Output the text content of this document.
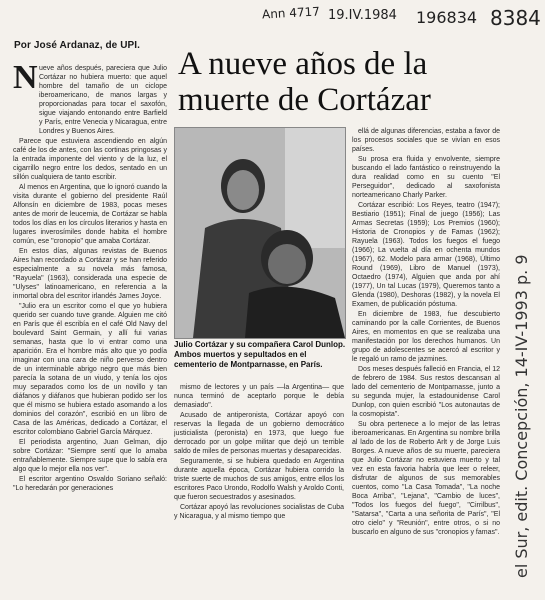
Ann 4717 19.IV.1984 196834 8384
Por José Ardanaz, de UPI.
A nueve años de la
muerte de Cortázar
N ueve años después, pareciera que Julio Cortázar no hubiera muerto: que aquel hombre del tamaño de un ciclope iberoamericano, de manos largas y proporcionadas para tocar el saxofón, sigue viajando entonando entre Barfield y París, entre Venecia y Nicaragua, entre Londres y Buenos Aires.

Parece que estuviera ascendiendo en algún café de los de antes, con las cortinas pringosas y la entrada imponente del viento y de la luz, el cigarrillo negro entre los dedos, sentado en un sillón cualquiera de tanto escribir.

Al menos en Argentina, que lo ignoró cuando la visita durante el gobierno del presidente Raúl Alfonsín en diciembre de 1983, pocas meses antes de morir de leucemia, de Cortázar se habla todos los días en los círculos literarios y hasta en lugares inverosímiles donde habita el hombre común, ese "cronopio" que amaba Cortázar.

En estos días, algunas revistas de Buenos Aires han recordado a Cortázar y se han referido especialmente a su novela más famosa, "Rayuela" (1963), considerada una especie de "Ulyses" latinoamericano, en referencia a la inmortal obra del escritor irlandés James Joyce.

"Julio era un escritor como el que yo hubiera querido ser cuando tuve grande. Alguien me citó en París que él escribía en el café Old Navy del boulevard Saint Germain, y allí fui varias semanas, hasta que lo vi entrar como una aparición. Era el hombre más alto que yo podía imaginar con una cara de niño perverso dentro de un interminable abrigo negro que más bien parecía la sotana de un viudo, y tenía los ojos muy separados como los de un novillo y tan diáfanos y diáfanos que hubieran podido ser los que él mismo se hubiera estado asomando a los dominios del corazón", escribió en un libro de Casa de las Américas, dedicado a Cortázar, el escritor colombiano Gabriel García Márquez.

El periodista argentino, Juan Gelman, dijo sobre Cortázar: "Siempre sentí que lo amaba entrañablemente. Siempre supe que lo sabía era algo que lo mejor ella nos ver".

El escritor argentino Osvaldo Soriano señaló: "Lo heredarán por generaciones

Julio Cortázar y su compañera Carol Dunlop. Ambos muertos y sepultados en el cementerio de Montparnasse, en París.

mismo de lectores y un país —la Argentina— que nunca terminó de aceptarlo porque le debía demasiado".

Acusado de antiperonista, Cortázar apoyó con reservas la llegada de un gobierno democrático justicialista (peronista) en 1973, que luego fue derrocado por un golpe militar que dejó un terrible saldo de miles de personas muertas y desaparecidas.

Seguramente, si se hubiera quedado en Argentina durante aquella época, Cortázar hubiera corrido la triste suerte de muchos de sus amigos, entre ellos los escritores Paco Urondo, Rodolfo Walsh y Aroldo Conti, que fueron secuestrados y asesinados.

Cortázar apoyó las revoluciones socialistas de Cuba y Nicaragua, y al mismo tiempo que

ellá de algunas diferencias, estaba a favor de los procesos sociales que se vivían en esos países.

Su prosa era fluida y envolvente, siempre buscando el lado fantástico o reinstruyendo la dura realidad como en su cuento "El Perseguidor", dedicado al saxofonista norteamericano Charly Parker.

Cortázar escribió: Los Reyes, teatro (1947); Bestiario (1951); Final de juego (1956); Las Armas Secretas (1959); Los Premios (1960); Historia de Cronopios y de Famas (1962); Rayuela (1963). Todos los fuegos el fuego (1966); La vuelta al día en ochenta mundos (1967), 62. Modelo para armar (1968), Último Round (1969), Libro de Manuel (1973), Octaedro (1974), Alguien que anda por ahí (1977), Un tal Lucas (1979), Queremos tanto a Glenda (1980), Deshoras (1982), y la novela El Examen, de publicación póstuma.

En diciembre de 1983, fue descubierto caminando por la calle Corrientes, de Buenos Aires, en momentos en que se realizaba una manifestación por los derechos humanos. Un grupo de adolescentes se acercó al escritor y le regaló un ramo de jazmines.

Dos meses después falleció en Francia, el 12 de febrero de 1984. Sus restos descansan al lado del cementerio de Montparnasse, junto a su segunda mujer, la estadounidense Carol Dunlop, con quien escribió "Los autonautas de la cosmopista".

Su obra pertenece a lo mejor de las letras iberoamericanas. En Argentina su nombre brilla al lado de los de Roberto Arlt y de Jorge Luis Borges. A nueve años de su muerte, pareciera que Julio Cortázar no estuviera muerto y tal vez en esta favoria habría que leer o releer, disfrutar de algunos de sus memorables cuentos, como "La Casa Tomada", "La noche Boca Arriba", "Lejana", "Cambio de luces", "Todos los fuegos del fuego", "Cirrilbus", "Satarsa", "Carta a una señorita de París", "El otro cielo" y "Reunión", entre otros, o si no buscarlo en alguno de sus "cronopios y famas". el Sur, edit. Concepción, 14-IV-1993 p. 9
